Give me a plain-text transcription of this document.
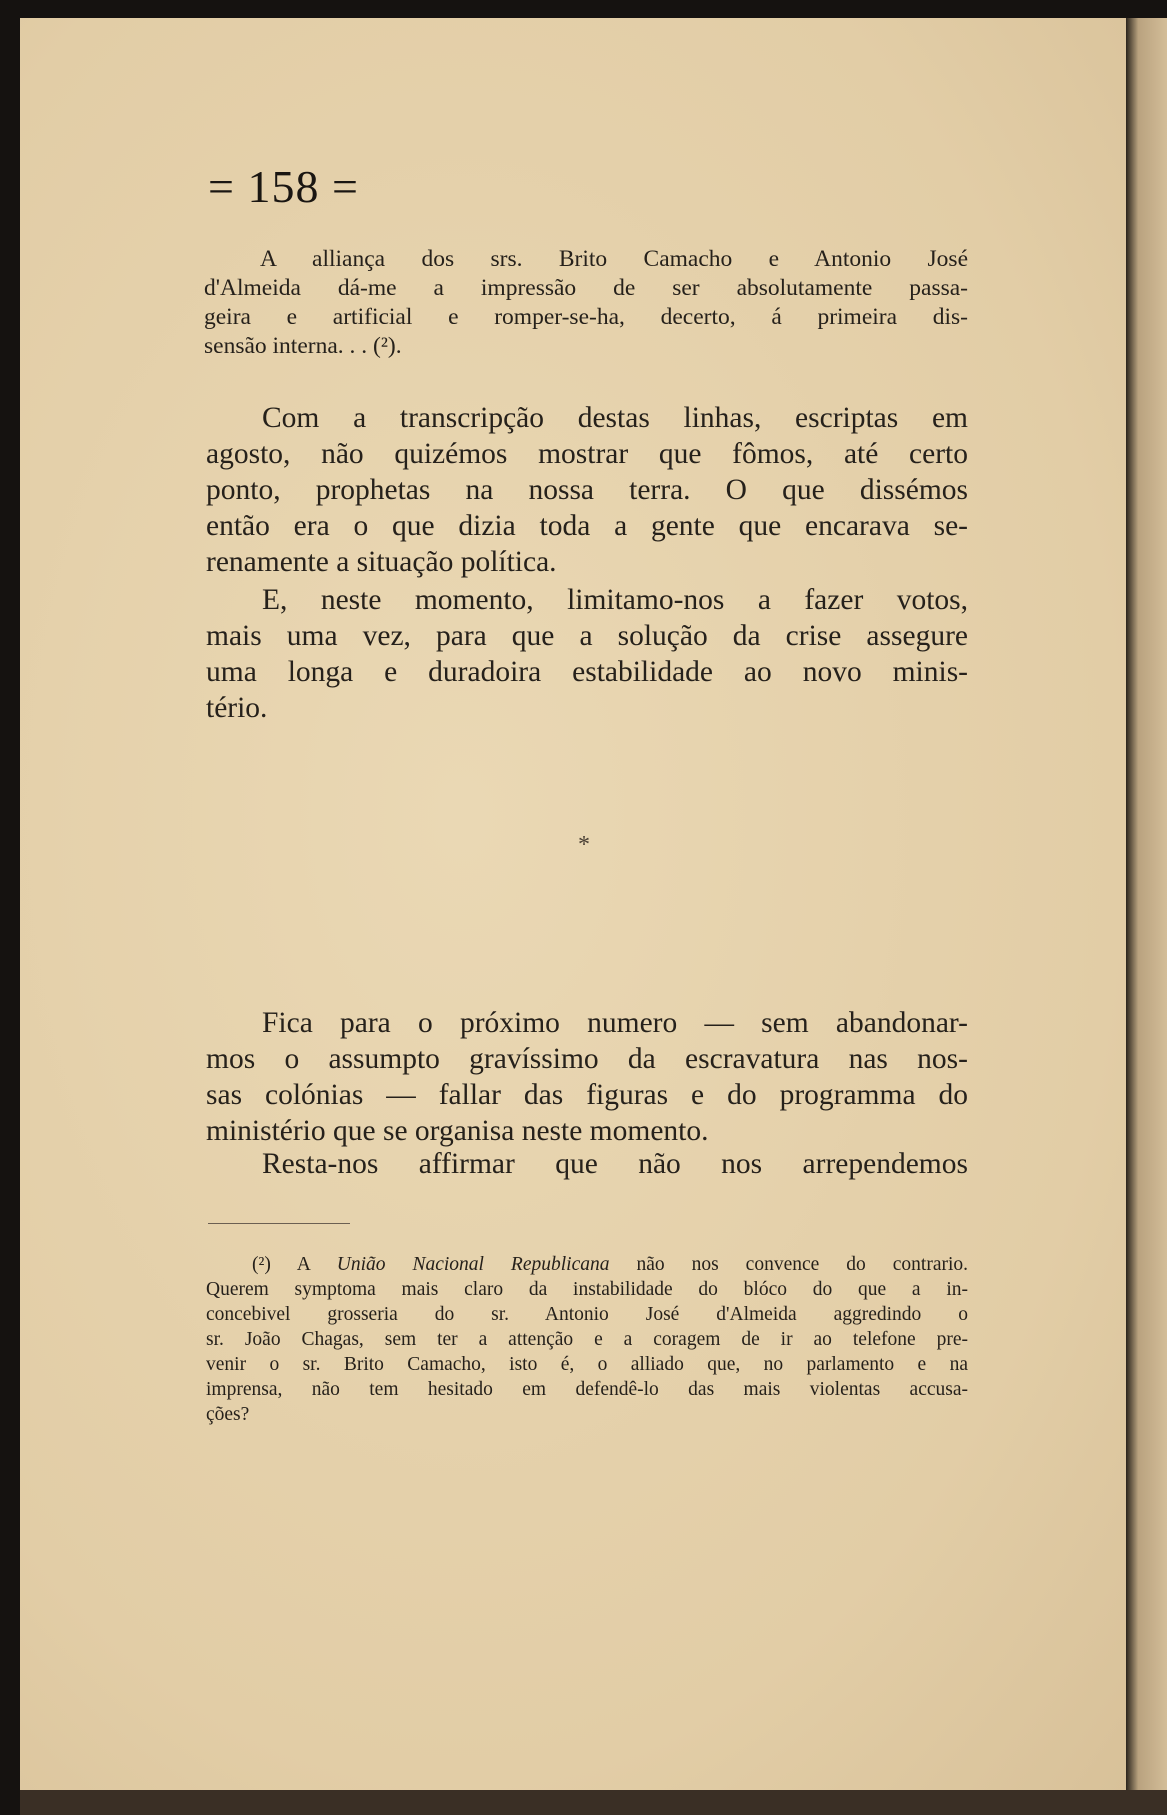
= 158 =
A alliança dos srs. Brito Camacho e Antonio José
d'Almeida dá-me a impressão de ser absolutamente passa-
geira e artificial e romper-se-ha, decerto, á primeira dis-
sensão interna. . . (²).
Com a transcripção destas linhas, escriptas em
agosto, não quizémos mostrar que fômos, até certo
ponto, prophetas na nossa terra. O que dissémos
então era o que dizia toda a gente que encarava se-
renamente a situação política.
E, neste momento, limitamo-nos a fazer votos,
mais uma vez, para que a solução da crise assegure
uma longa e duradoira estabilidade ao novo minis-
tério.
*
Fica para o próximo numero — sem abandonar-
mos o assumpto gravíssimo da escravatura nas nos-
sas colónias — fallar das figuras e do programma do
ministério que se organisa neste momento.
Resta-nos affirmar que não nos arrependemos
(²) A União Nacional Republicana não nos convence do contrario.
Querem symptoma mais claro da instabilidade do blóco do que a in-
concebivel grosseria do sr. Antonio José d'Almeida aggredindo o
sr. João Chagas, sem ter a attenção e a coragem de ir ao telefone pre-
venir o sr. Brito Camacho, isto é, o alliado que, no parlamento e na
imprensa, não tem hesitado em defendê-lo das mais violentas accusa-
ções?
